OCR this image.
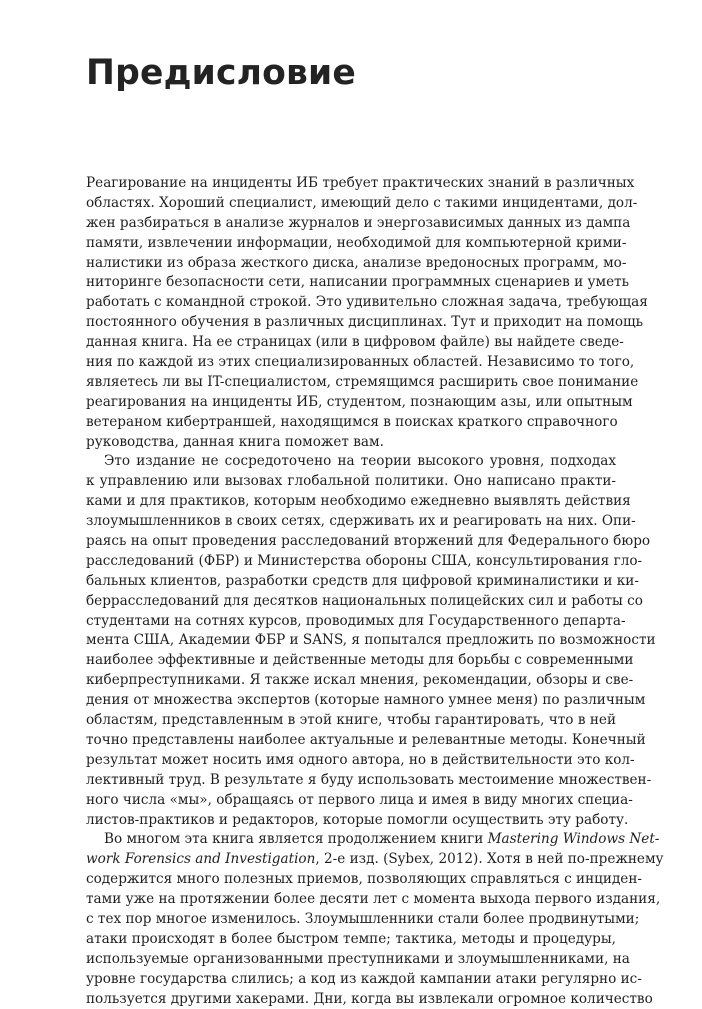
Предисловие
Реагирование на инциденты ИБ требует практических знаний в различных
областях. Хороший специалист, имеющий дело с такими инцидентами, дол-
жен разбираться в анализе журналов и энергозависимых данных из дампа
памяти, извлечении информации, необходимой для компьютерной крими-
налистики из образа жесткого диска, анализе вредоносных программ, мо-
ниторинге безопасности сети, написании программных сценариев и уметь
работать с командной строкой. Это удивительно сложная задача, требующая
постоянного обучения в различных дисциплинах. Тут и приходит на помощь
данная книга. На ее страницах (или в цифровом файле) вы найдете сведе-
ния по каждой из этих специализированных областей. Независимо то того,
являетесь ли вы IT-специалистом, стремящимся расширить свое понимание
реагирования на инциденты ИБ, студентом, познающим азы, или опытным
ветераном кибертраншей, находящимся в поисках краткого справочного
руководства, данная книга поможет вам.
Это издание не сосредоточено на теории высокого уровня, подходах
к управлению или вызовах глобальной политики. Оно написано практи-
ками и для практиков, которым необходимо ежедневно выявлять действия
злоумышленников в своих сетях, сдерживать их и реагировать на них. Опи-
раясь на опыт проведения расследований вторжений для Федерального бюро
расследований (ФБР) и Министерства обороны США, консультирования гло-
бальных клиентов, разработки средств для цифровой криминалистики и ки-
беррасследований для десятков национальных полицейских сил и работы со
студентами на сотнях курсов, проводимых для Государственного департа-
мента США, Академии ФБР и SANS, я попытался предложить по возможности
наиболее эффективные и действенные методы для борьбы с современными
киберпреступниками. Я также искал мнения, рекомендации, обзоры и све-
дения от множества экспертов (которые намного умнее меня) по различным
областям, представленным в этой книге, чтобы гарантировать, что в ней
точно представлены наиболее актуальные и релевантные методы. Конечный
результат может носить имя одного автора, но в действительности это кол-
лективный труд. В результате я буду использовать местоимение множествен-
ного числа «мы», обращаясь от первого лица и имея в виду многих специа-
листов-практиков и редакторов, которые помогли осуществить эту работу.
Во многом эта книга является продолжением книги Mastering Windows Net-
work Forensics and Investigation, 2-е изд. (Sybex, 2012). Хотя в ней по-прежнему
содержится много полезных приемов, позволяющих справляться с инциден-
тами уже на протяжении более десяти лет с момента выхода первого издания,
с тех пор многое изменилось. Злоумышленники стали более продвинутыми;
атаки происходят в более быстром темпе; тактика, методы и процедуры,
используемые организованными преступниками и злоумышленниками, на
уровне государства слились; а код из каждой кампании атаки регулярно ис-
пользуется другими хакерами. Дни, когда вы извлекали огромное количество
